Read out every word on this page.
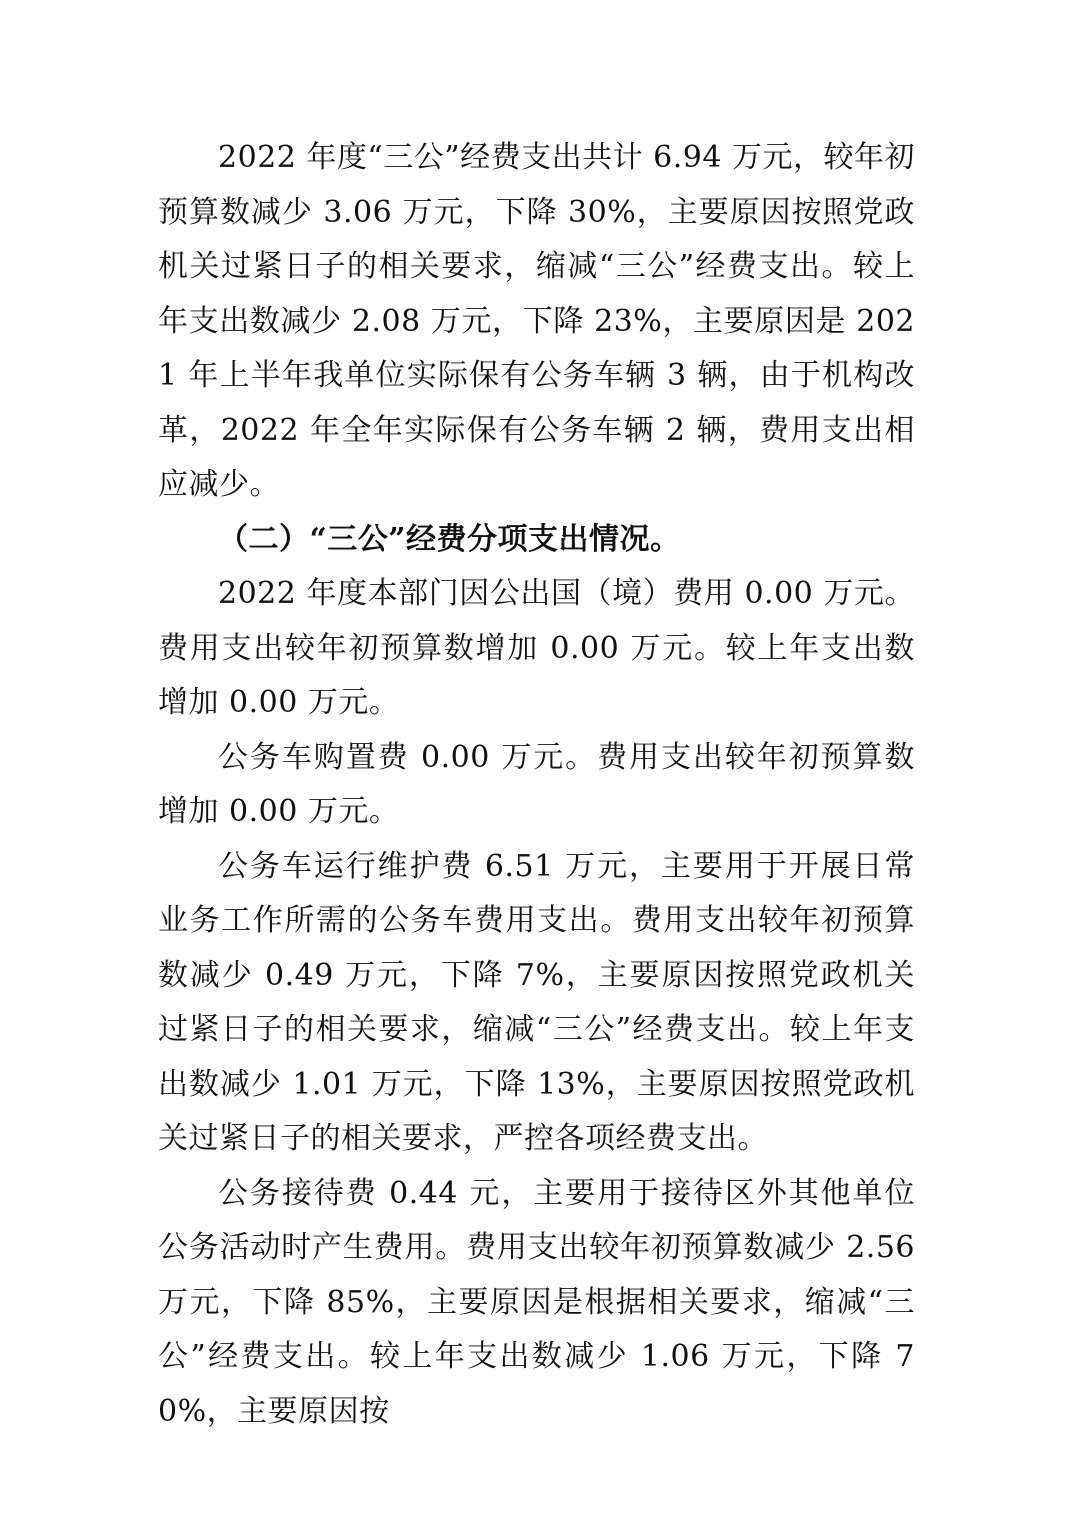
2022 年度“三公”经费支出共计 6.94 万元，较年初预算数减少 3.06 万元，下降 30%，主要原因按照党政机关过紧日子的相关要求，缩减“三公”经费支出。较上年支出数减少 2.08 万元，下降 23%，主要原因是 2021 年上半年我单位实际保有公务车辆 3 辆，由于机构改革，2022 年全年实际保有公务车辆 2 辆，费用支出相应减少。

（二）“三公”经费分项支出情况。

2022 年度本部门因公出国（境）费用 0.00 万元。费用支出较年初预算数增加 0.00 万元。较上年支出数增加 0.00 万元。

公务车购置费 0.00 万元。费用支出较年初预算数增加 0.00 万元。

公务车运行维护费 6.51 万元，主要用于开展日常业务工作所需的公务车费用支出。费用支出较年初预算数减少 0.49 万元，下降 7%，主要原因按照党政机关过紧日子的相关要求，缩减“三公”经费支出。较上年支出数减少 1.01 万元，下降 13%，主要原因按照党政机关过紧日子的相关要求，严控各项经费支出。

公务接待费 0.44 元，主要用于接待区外其他单位公务活动时产生费用。费用支出较年初预算数减少 2.56 万元，下降 85%，主要原因是根据相关要求，缩减“三公”经费支出。较上年支出数减少 1.06 万元，下降 70%，主要原因按
